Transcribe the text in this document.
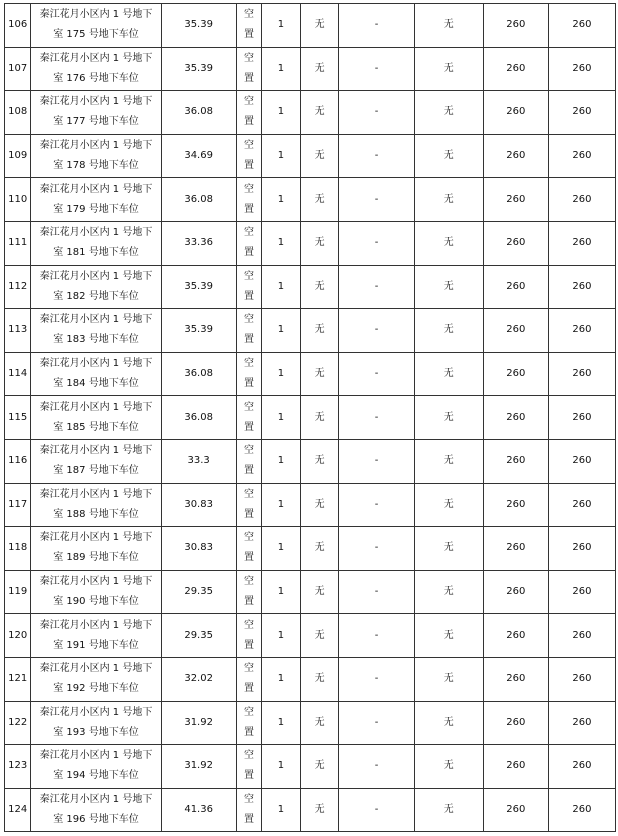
106	秦江花月小区内 1 号地下
室 175 号地下车位	35.39	空
置	1	无	-	无	260	260
107	秦江花月小区内 1 号地下
室 176 号地下车位	35.39	空
置	1	无	-	无	260	260
108	秦江花月小区内 1 号地下
室 177 号地下车位	36.08	空
置	1	无	-	无	260	260
109	秦江花月小区内 1 号地下
室 178 号地下车位	34.69	空
置	1	无	-	无	260	260
110	秦江花月小区内 1 号地下
室 179 号地下车位	36.08	空
置	1	无	-	无	260	260
111	秦江花月小区内 1 号地下
室 181 号地下车位	33.36	空
置	1	无	-	无	260	260
112	秦江花月小区内 1 号地下
室 182 号地下车位	35.39	空
置	1	无	-	无	260	260
113	秦江花月小区内 1 号地下
室 183 号地下车位	35.39	空
置	1	无	-	无	260	260
114	秦江花月小区内 1 号地下
室 184 号地下车位	36.08	空
置	1	无	-	无	260	260
115	秦江花月小区内 1 号地下
室 185 号地下车位	36.08	空
置	1	无	-	无	260	260
116	秦江花月小区内 1 号地下
室 187 号地下车位	33.3	空
置	1	无	-	无	260	260
117	秦江花月小区内 1 号地下
室 188 号地下车位	30.83	空
置	1	无	-	无	260	260
118	秦江花月小区内 1 号地下
室 189 号地下车位	30.83	空
置	1	无	-	无	260	260
119	秦江花月小区内 1 号地下
室 190 号地下车位	29.35	空
置	1	无	-	无	260	260
120	秦江花月小区内 1 号地下
室 191 号地下车位	29.35	空
置	1	无	-	无	260	260
121	秦江花月小区内 1 号地下
室 192 号地下车位	32.02	空
置	1	无	-	无	260	260
122	秦江花月小区内 1 号地下
室 193 号地下车位	31.92	空
置	1	无	-	无	260	260
123	秦江花月小区内 1 号地下
室 194 号地下车位	31.92	空
置	1	无	-	无	260	260
124	秦江花月小区内 1 号地下
室 196 号地下车位	41.36	空
置	1	无	-	无	260	260
